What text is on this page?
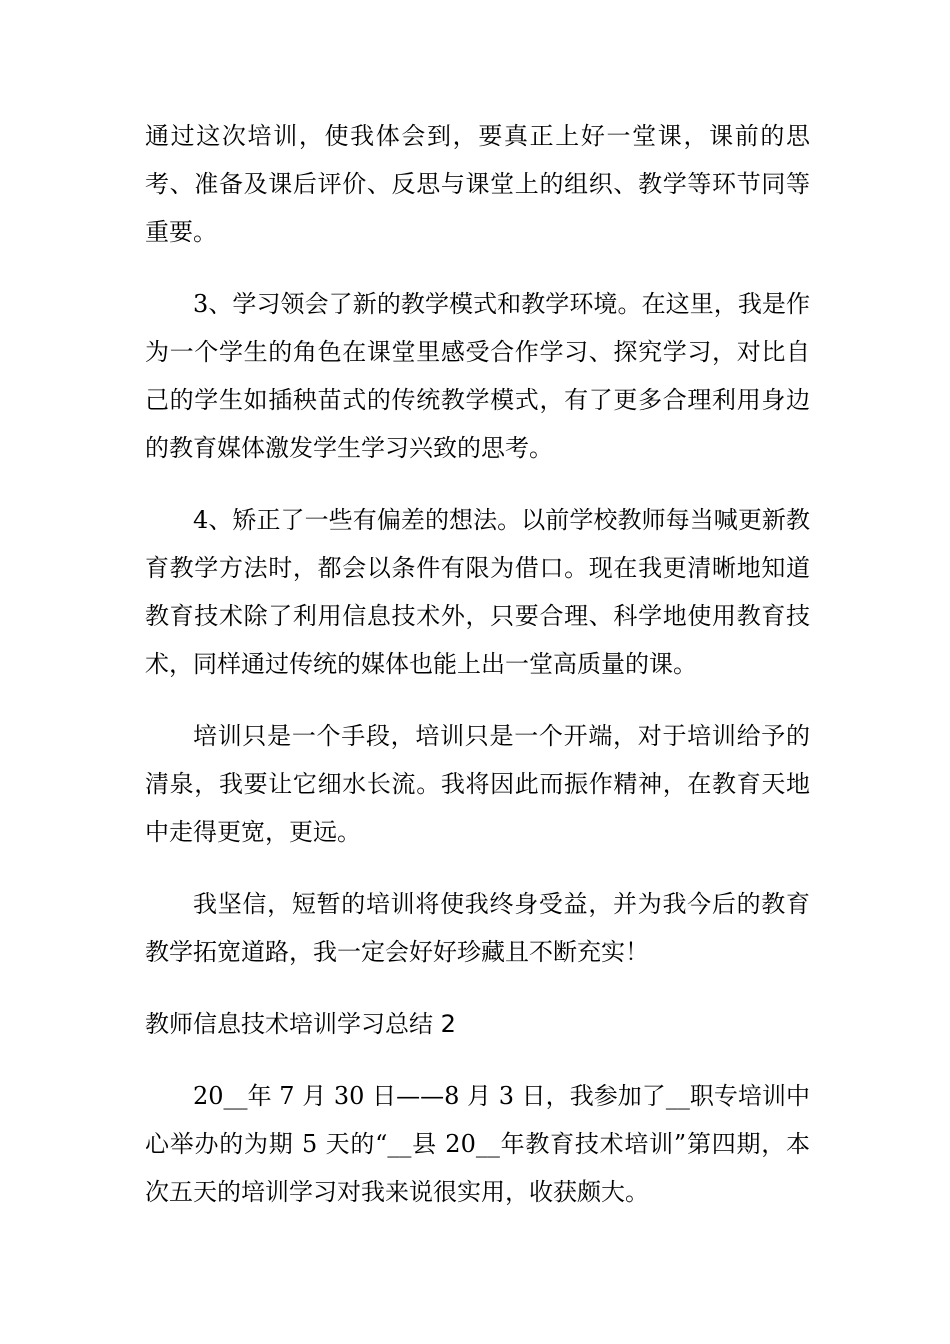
通过这次培训，使我体会到，要真正上好一堂课，课前的思考、准备及课后评价、反思与课堂上的组织、教学等环节同等重要。

3、学习领会了新的教学模式和教学环境。在这里，我是作为一个学生的角色在课堂里感受合作学习、探究学习，对比自己的学生如插秧苗式的传统教学模式，有了更多合理利用身边的教育媒体激发学生学习兴致的思考。

4、矫正了一些有偏差的想法。以前学校教师每当喊更新教育教学方法时，都会以条件有限为借口。现在我更清晰地知道教育技术除了利用信息技术外，只要合理、科学地使用教育技术，同样通过传统的媒体也能上出一堂高质量的课。

培训只是一个手段，培训只是一个开端，对于培训给予的清泉，我要让它细水长流。我将因此而振作精神，在教育天地中走得更宽，更远。

我坚信，短暂的培训将使我终身受益，并为我今后的教育教学拓宽道路，我一定会好好珍藏且不断充实！

教师信息技术培训学习总结 2

20__年 7 月 30 日——8 月 3 日，我参加了__职专培训中心举办的为期 5 天的“__县 20__年教育技术培训”第四期，本次五天的培训学习对我来说很实用，收获颇大。
